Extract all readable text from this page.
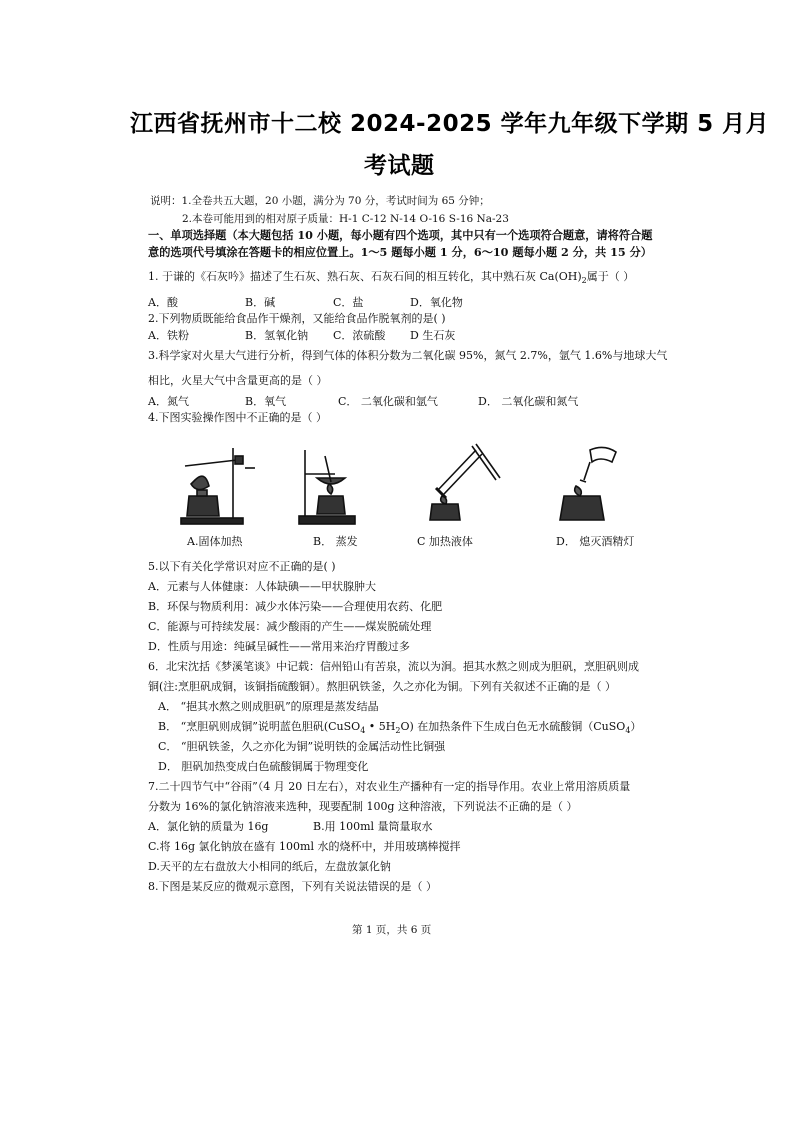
江西省抚州市十二校 2024-2025 学年九年级下学期 5 月月
考试题
说明：1.全卷共五大题，20 小题，满分为 70 分，考试时间为 65 分钟；
2.本卷可能用到的相对原子质量：H-1 C-12 N-14 O-16 S-16 Na-23
一、单项选择题（本大题包括 10 小题，每小题有四个选项，其中只有一个选项符合题意，请将符合题
意的选项代号填涂在答题卡的相应位置上。1～5 题每小题 1 分，6～10 题每小题 2 分，共 15 分）
1. 于谦的《石灰吟》描述了生石灰、熟石灰、石灰石间的相互转化，其中熟石灰 $Ca(OH)_2$属于（ ）
A．酸	B．碱	C．盐	D．氧化物
2.下列物质既能给食品作干燥剂，又能给食品作脱氧剂的是( )
A．铁粉	B．氢氧化钠 C．浓硫酸 D 生石灰
3.科学家对火星大气进行分析，得到气体的体积分数为二氧化碳 95%，氮气 2.7%，氩气 1.6%与地球大气
相比，火星大气中含量更高的是（ ）
A．氮气	B．氧气	C． 二氧化碳和氩气	D． 二氧化碳和氮气
4.下图实验操作图中不正确的是（ ）
A.固体加热	B． 蒸发	C 加热液体	D． 熄灭酒精灯
5.以下有关化学常识对应不正确的是( )
A．元素与人体健康：人体缺碘——甲状腺肿大
B．环保与物质利用：减少水体污染——合理使用农药、化肥
C．能源与可持续发展：减少酸雨的产生——煤炭脱硫处理
D．性质与用途：纯碱呈碱性——常用来治疗胃酸过多
6．北宋沈括《梦溪笔谈》中记载：信州铅山有苦泉，流以为涧。挹其水熬之则成为胆矾，烹胆矾则成
铜(注:烹胆矾成铜，该铜指硫酸铜）。熬胆矾铁釜，久之亦化为铜。下列有关叙述不正确的是（ ）
A． “挹其水熬之则成胆矾”的原理是蒸发结晶
B． “烹胆矾则成铜”说明蓝色胆矾(CuSO$_4$ • $5H_2O$) 在加热条件下生成白色无水硫酸铜（CuSO$_4$）
C． “胆矾铁釜，久之亦化为铜”说明铁的金属活动性比铜强
D． 胆矾加热变成白色硫酸铜属于物理变化
7.二十四节气中“谷雨”（4 月 20 日左右），对农业生产播种有一定的指导作用。农业上常用溶质质量
分数为 16%的氯化钠溶液来选种，现要配制 100g 这种溶液，下列说法不正确的是（ ）
A．氯化钠的质量为 16g	B.用 100ml 量筒量取水
C.将 16g 氯化钠放在盛有 100ml 水的烧杯中，并用玻璃棒搅拌
D.天平的左右盘放大小相同的纸后，左盘放氯化钠
8.下图是某反应的微观示意图，下列有关说法错误的是（ ）
第 1 页，共 6 页
